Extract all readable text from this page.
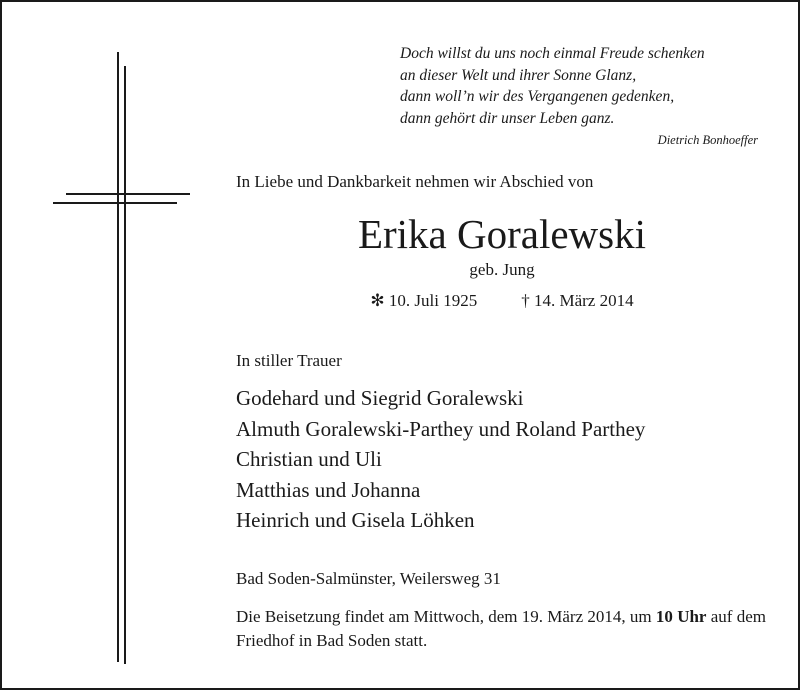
Doch willst du uns noch einmal Freude schenken
an dieser Welt und ihrer Sonne Glanz,
dann woll’n wir des Vergangenen gedenken,
dann gehört dir unser Leben ganz.
Dietrich Bonhoeffer
In Liebe und Dankbarkeit nehmen wir Abschied von
Erika Goralewski
geb. Jung
✻ 10. Juli 1925	† 14. März 2014
In stiller Trauer
Godehard und Siegrid Goralewski
Almuth Goralewski-Parthey und Roland Parthey
Christian und Uli
Matthias und Johanna
Heinrich und Gisela Löhken
Bad Soden-Salmünster, Weilersweg 31
Die Beisetzung findet am Mittwoch, dem 19. März 2014, um 10 Uhr auf dem Friedhof in Bad Soden statt.
